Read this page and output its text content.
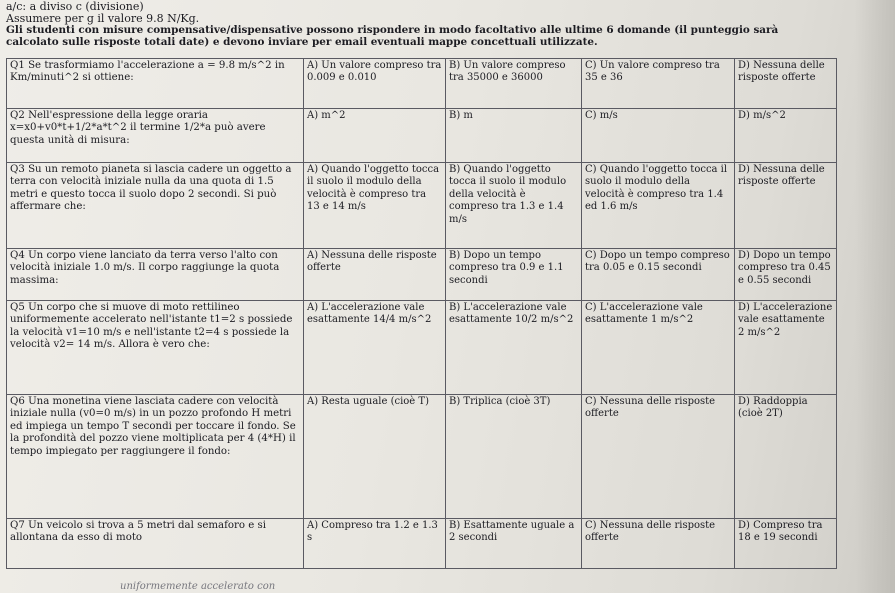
a/c: a diviso c (divisione)
Assumere per g il valore 9.8 N/Kg.
Gli studenti con misure compensative/dispensative possono rispondere in modo facoltativo alle ultime 6 domande (il punteggio sarà
calcolato sulle risposte totali date) e devono inviare per email eventuali mappe concettuali utilizzate.
Q1 Se trasformiamo l'accelerazione a = 9.8 m/s^2 in Km/minuti^2 si ottiene:	A) Un valore compreso tra 0.009 e 0.010	B) Un valore compreso tra 35000 e 36000	C) Un valore compreso tra 35 e 36	D) Nessuna delle risposte offerte
Q2 Nell'espressione della legge oraria x=x0+v0*t+1/2*a*t^2 il termine 1/2*a può avere questa unità di misura:	A) m^2	B) m	C) m/s	D) m/s^2
Q3 Su un remoto pianeta si lascia cadere un oggetto a terra con velocità iniziale nulla da una quota di 1.5 metri e questo tocca il suolo dopo 2 secondi. Si può affermare che:	A) Quando l'oggetto tocca il suolo il modulo della velocità è compreso tra 13 e 14 m/s	B) Quando l'oggetto tocca il suolo il modulo della velocità è compreso tra 1.3 e 1.4 m/s	C) Quando l'oggetto tocca il suolo il modulo della velocità è compreso tra 1.4 ed 1.6 m/s	D) Nessuna delle risposte offerte
Q4 Un corpo viene lanciato da terra verso l'alto con velocità iniziale 1.0 m/s. Il corpo raggiunge la quota massima:	A) Nessuna delle risposte offerte	B) Dopo un tempo compreso tra 0.9 e 1.1 secondi	C) Dopo un tempo compreso tra 0.05 e 0.15 secondi	D) Dopo un tempo compreso tra 0.45 e 0.55 secondi
Q5 Un corpo che si muove di moto rettilineo uniformemente accelerato nell'istante t1=2 s possiede la velocità v1=10 m/s e nell'istante t2=4 s possiede la velocità v2= 14 m/s. Allora è vero che:	A) L'accelerazione vale esattamente 14/4 m/s^2	B) L'accelerazione vale esattamente 10/2 m/s^2	C) L'accelerazione vale esattamente 1 m/s^2	D) L'accelerazione vale esattamente 2 m/s^2
Q6 Una monetina viene lasciata cadere con velocità iniziale nulla (v0=0 m/s) in un pozzo profondo H metri ed impiega un tempo T secondi per toccare il fondo. Se la profondità del pozzo viene moltiplicata per 4 (4*H) il tempo impiegato per raggiungere il fondo:	A) Resta uguale (cioè T)	B) Triplica (cioè 3T)	C) Nessuna delle risposte offerte	D) Raddoppia (cioè 2T)
Q7 Un veicolo si trova a 5 metri dal semaforo e si allontana da esso di moto	A) Compreso tra 1.2 e 1.3 s	B) Esattamente uguale a 2 secondi	C) Nessuna delle risposte offerte	D) Compreso tra 18 e 19 secondi
uniformemente accelerato con
